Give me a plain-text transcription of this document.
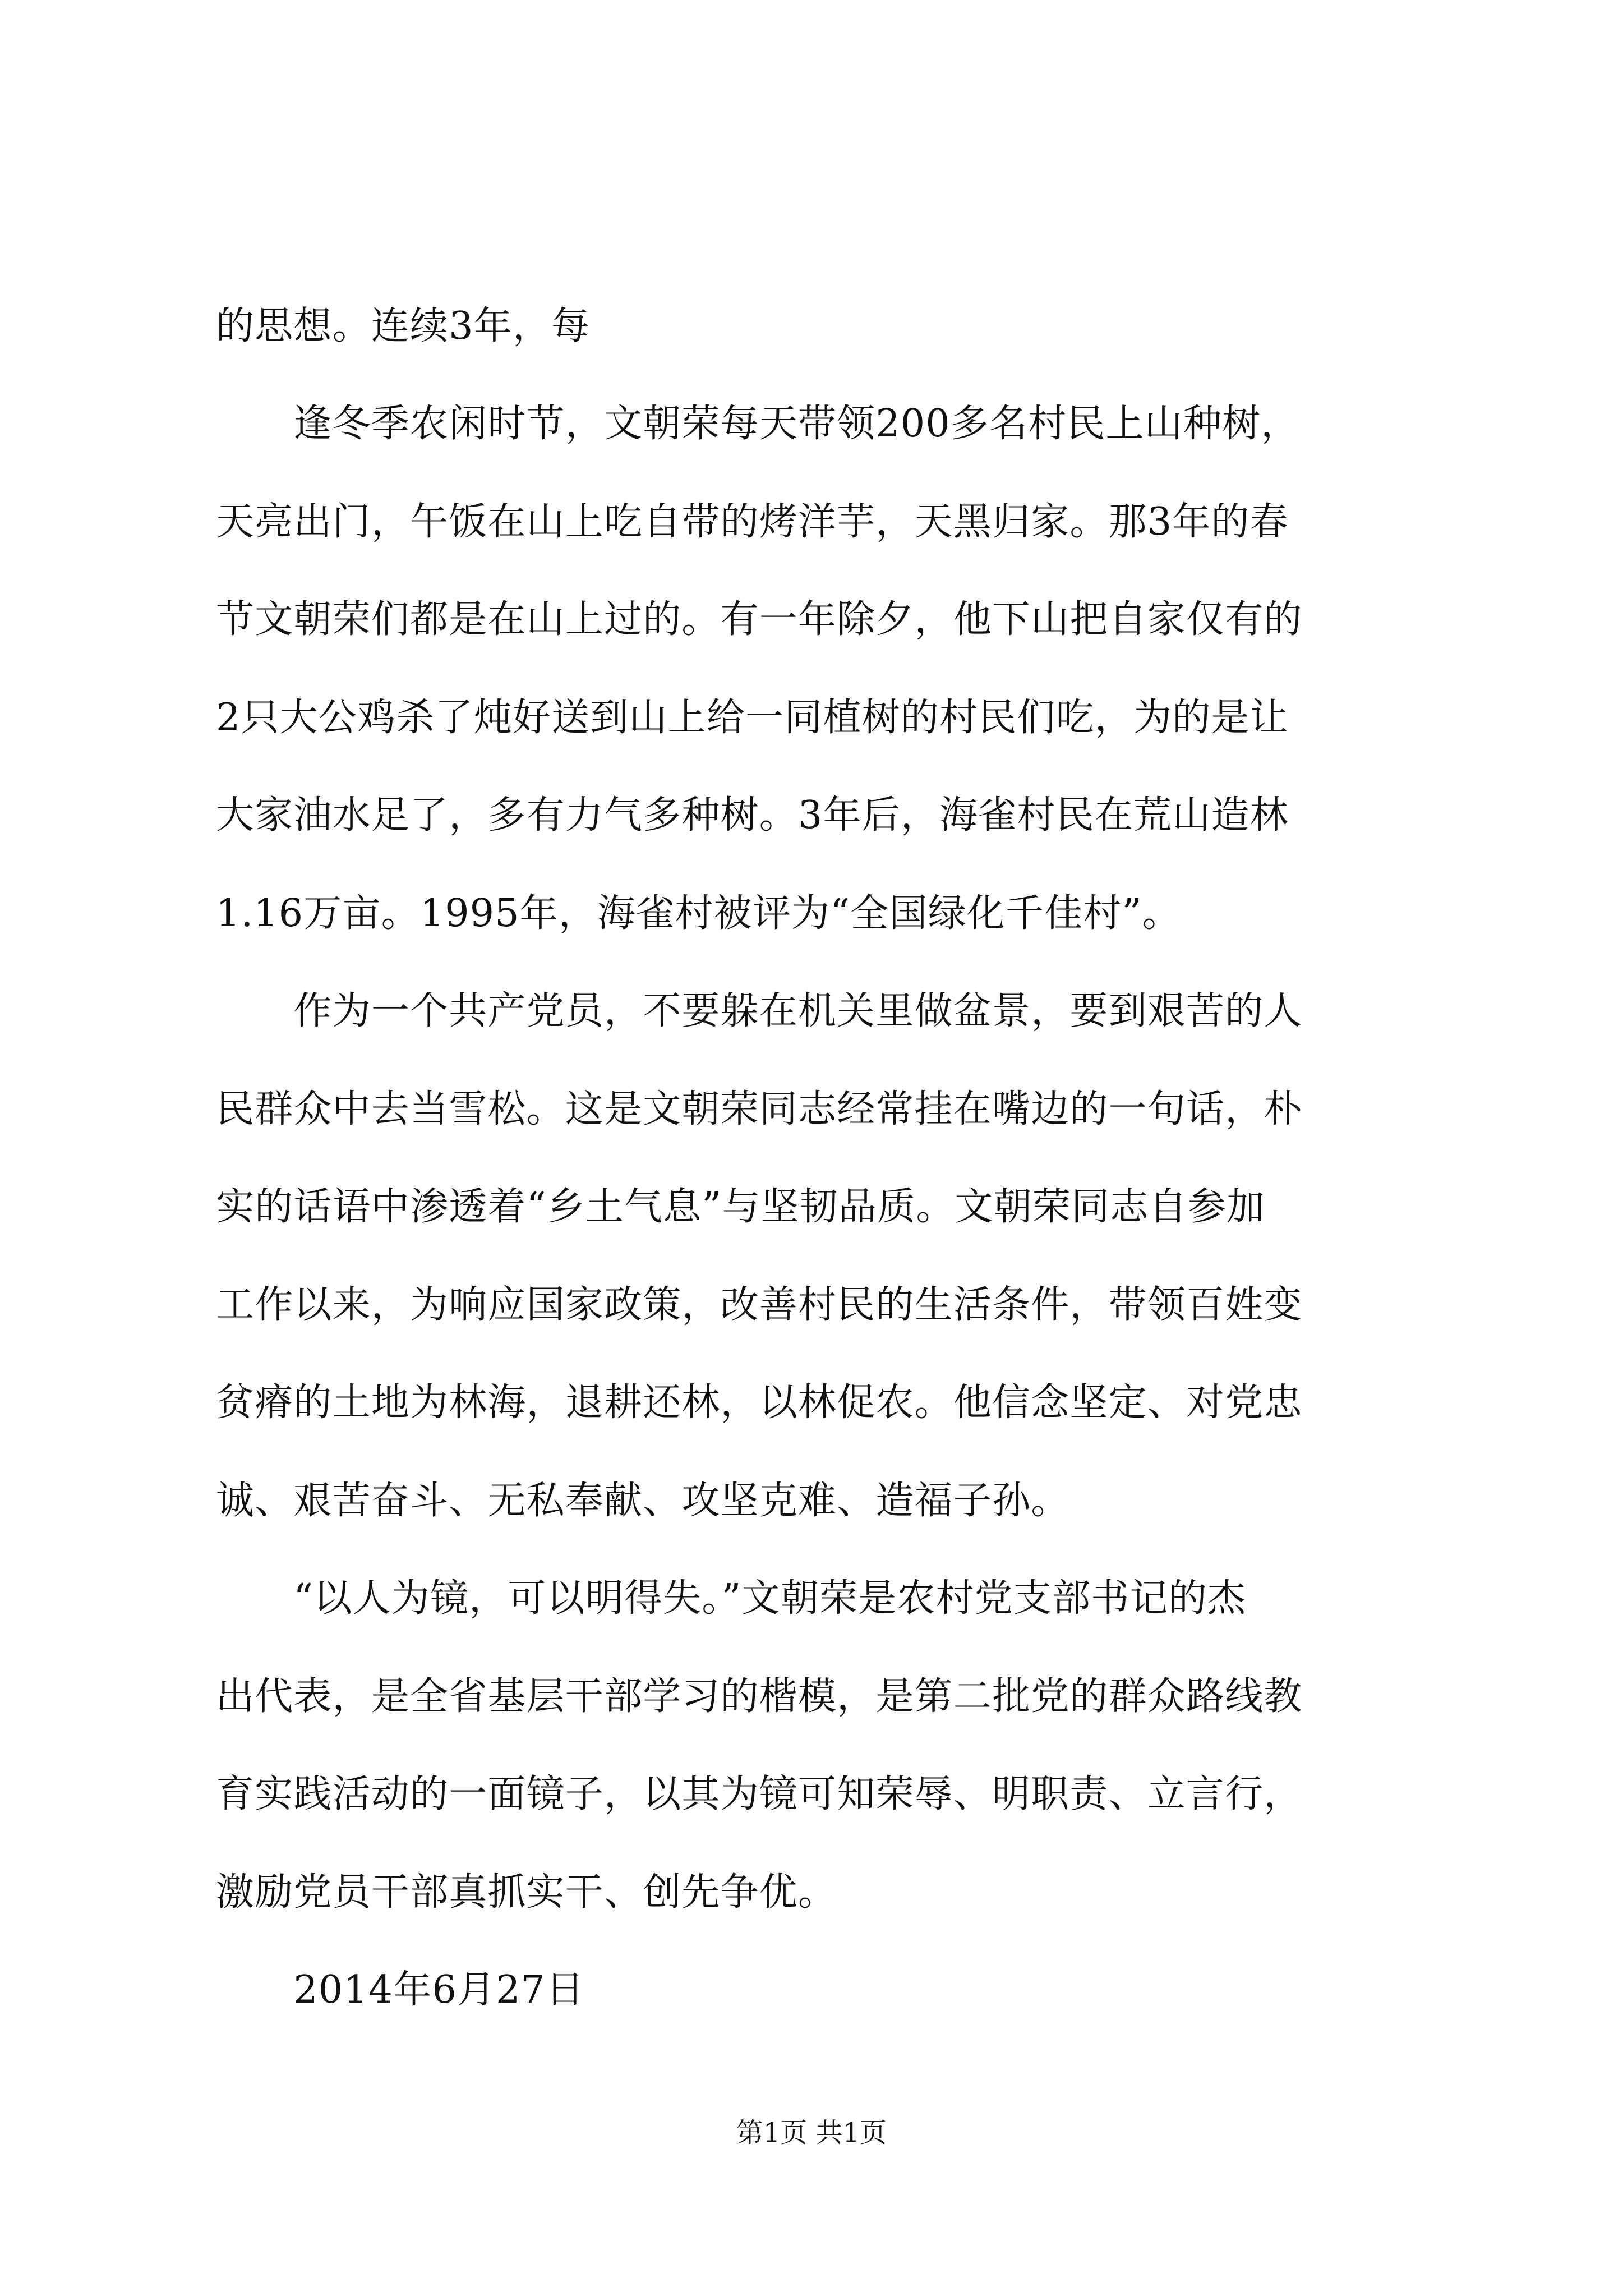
的思想。连续3年，每

　　逢冬季农闲时节，文朝荣每天带领200多名村民上山种树，

天亮出门，午饭在山上吃自带的烤洋芋，天黑归家。那3年的春

节文朝荣们都是在山上过的。有一年除夕，他下山把自家仅有的

2只大公鸡杀了炖好送到山上给一同植树的村民们吃，为的是让

大家油水足了，多有力气多种树。3年后，海雀村民在荒山造林

1.16万亩。1995年，海雀村被评为“全国绿化千佳村”。

　　作为一个共产党员，不要躲在机关里做盆景，要到艰苦的人

民群众中去当雪松。这是文朝荣同志经常挂在嘴边的一句话，朴

实的话语中渗透着“乡土气息”与坚韧品质。文朝荣同志自参加

工作以来，为响应国家政策，改善村民的生活条件，带领百姓变

贫瘠的土地为林海，退耕还林，以林促农。他信念坚定、对党忠

诚、艰苦奋斗、无私奉献、攻坚克难、造福子孙。

　　“以人为镜，可以明得失。”文朝荣是农村党支部书记的杰

出代表，是全省基层干部学习的楷模，是第二批党的群众路线教

育实践活动的一面镜子，以其为镜可知荣辱、明职责、立言行，

激励党员干部真抓实干、创先争优。

　　2014年6月27日

第1页 共1页
